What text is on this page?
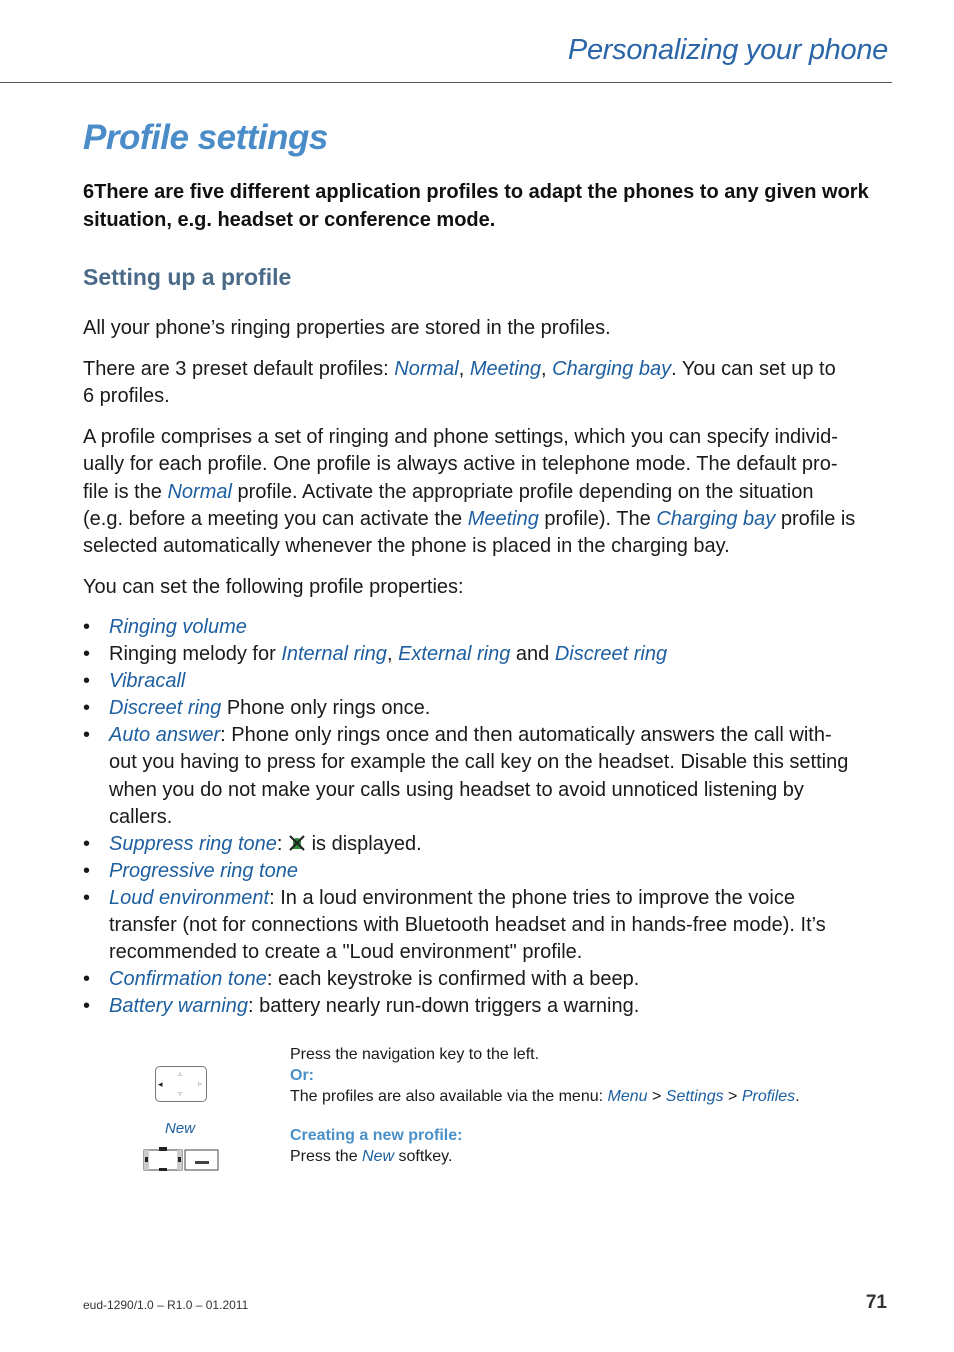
Personalizing your phone
Profile settings

6There are five different application profiles to adapt the phones to any given work situation, e.g. headset or conference mode.

Setting up a profile

All your phone’s ringing properties are stored in the profiles.

There are 3 preset default profiles: Normal, Meeting, Charging bay. You can set up to
6 profiles.

A profile comprises a set of ringing and phone settings, which you can specify individ-
ually for each profile. One profile is always active in telephone mode. The default pro-
file is the Normal profile. Activate the appropriate profile depending on the situation
(e.g. before a meeting you can activate the Meeting profile). The Charging bay profile is
selected automatically whenever the phone is placed in the charging bay.

You can set the following profile properties:

• Ringing volume
• Ringing melody for Internal ring, External ring and Discreet ring
• Vibracall
• Discreet ring Phone only rings once.
• Auto answer: Phone only rings once and then automatically answers the call with-
out you having to press for example the call key on the headset. Disable this setting
when you do not make your calls using headset to avoid unnoticed listening by
callers.
• Suppress ring tone:  is displayed.
• Progressive ring tone
• Loud environment: In a loud environment the phone tries to improve the voice
transfer (not for connections with Bluetooth headset and in hands-free mode). It’s
recommended to create a "Loud environment" profile.
• Confirmation tone: each keystroke is confirmed with a beep.
• Battery warning: battery nearly run-down triggers a warning.
▵
▿
◂	▹
New

Press the navigation key to the left.

Or:

The profiles are also available via the menu: Menu > Settings > Profiles.

Creating a new profile:

Press the New softkey.

eud-1290/1.0 – R1.0 – 01.2011	71
